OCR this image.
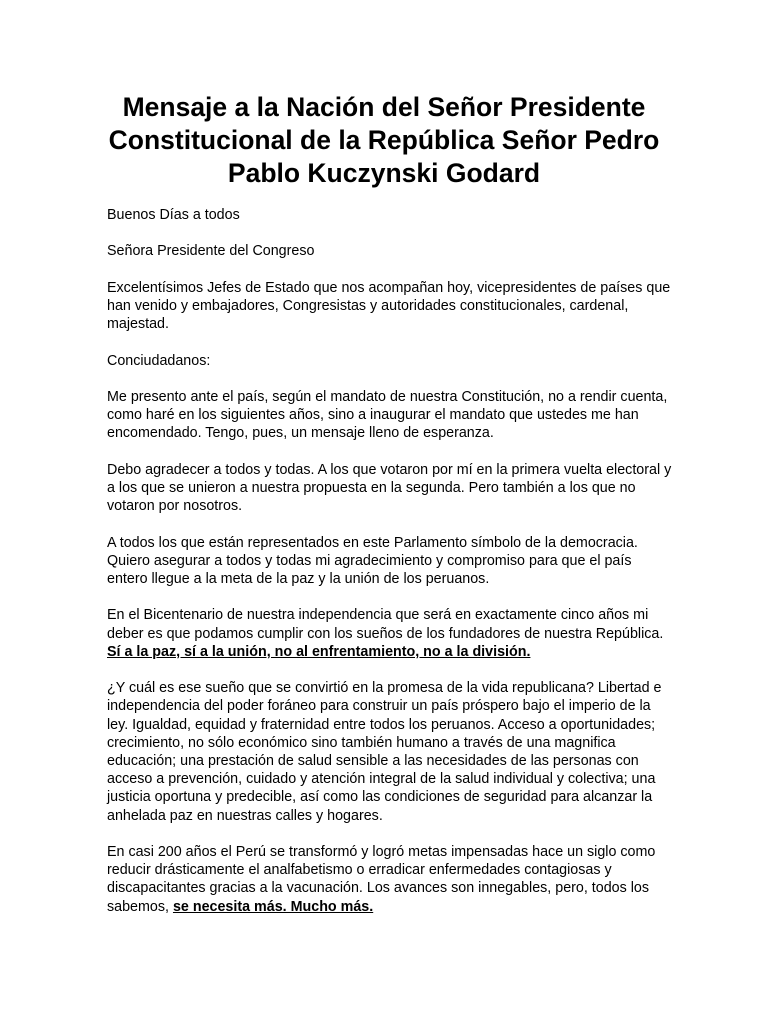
Mensaje a la Nación del Señor Presidente Constitucional de la República Señor Pedro Pablo Kuczynski Godard

Buenos Días a todos

Señora Presidente del Congreso

Excelentísimos Jefes de Estado que nos acompañan hoy, vicepresidentes de países que han venido y embajadores, Congresistas y autoridades constitucionales, cardenal, majestad.

Conciudadanos:

Me presento ante el país, según el mandato de nuestra Constitución, no a rendir cuenta, como haré en los siguientes años, sino a inaugurar el mandato que ustedes me han encomendado. Tengo, pues, un mensaje lleno de esperanza.

Debo agradecer a todos y todas. A los que votaron por mí en la primera vuelta electoral y a los que se unieron a nuestra propuesta en la segunda. Pero también a los que no votaron por nosotros.

A todos los que están representados en este Parlamento símbolo de la democracia. Quiero asegurar a todos y todas mi agradecimiento y compromiso para que el país entero llegue a la meta de la paz y la unión de los peruanos.

En el Bicentenario de nuestra independencia que será en exactamente cinco años mi deber es que podamos cumplir con los sueños de los fundadores de nuestra República. Sí a la paz, sí a la unión, no al enfrentamiento, no a la división.

¿Y cuál es ese sueño que se convirtió en la promesa de la vida republicana? Libertad e independencia del poder foráneo para construir un país próspero bajo el imperio de la ley. Igualdad, equidad y fraternidad entre todos los peruanos. Acceso a oportunidades; crecimiento, no sólo económico sino también humano a través de una magnifica educación; una prestación de salud sensible a las necesidades de las personas con acceso a prevención, cuidado y atención integral de la salud individual y colectiva; una justicia oportuna y predecible, así como las condiciones de seguridad para alcanzar la anhelada paz en nuestras calles y hogares.

En casi 200 años el Perú se transformó y logró metas impensadas hace un siglo como reducir drásticamente el analfabetismo o erradicar enfermedades contagiosas y discapacitantes gracias a la vacunación. Los avances son innegables, pero, todos los sabemos, se necesita más. Mucho más.
